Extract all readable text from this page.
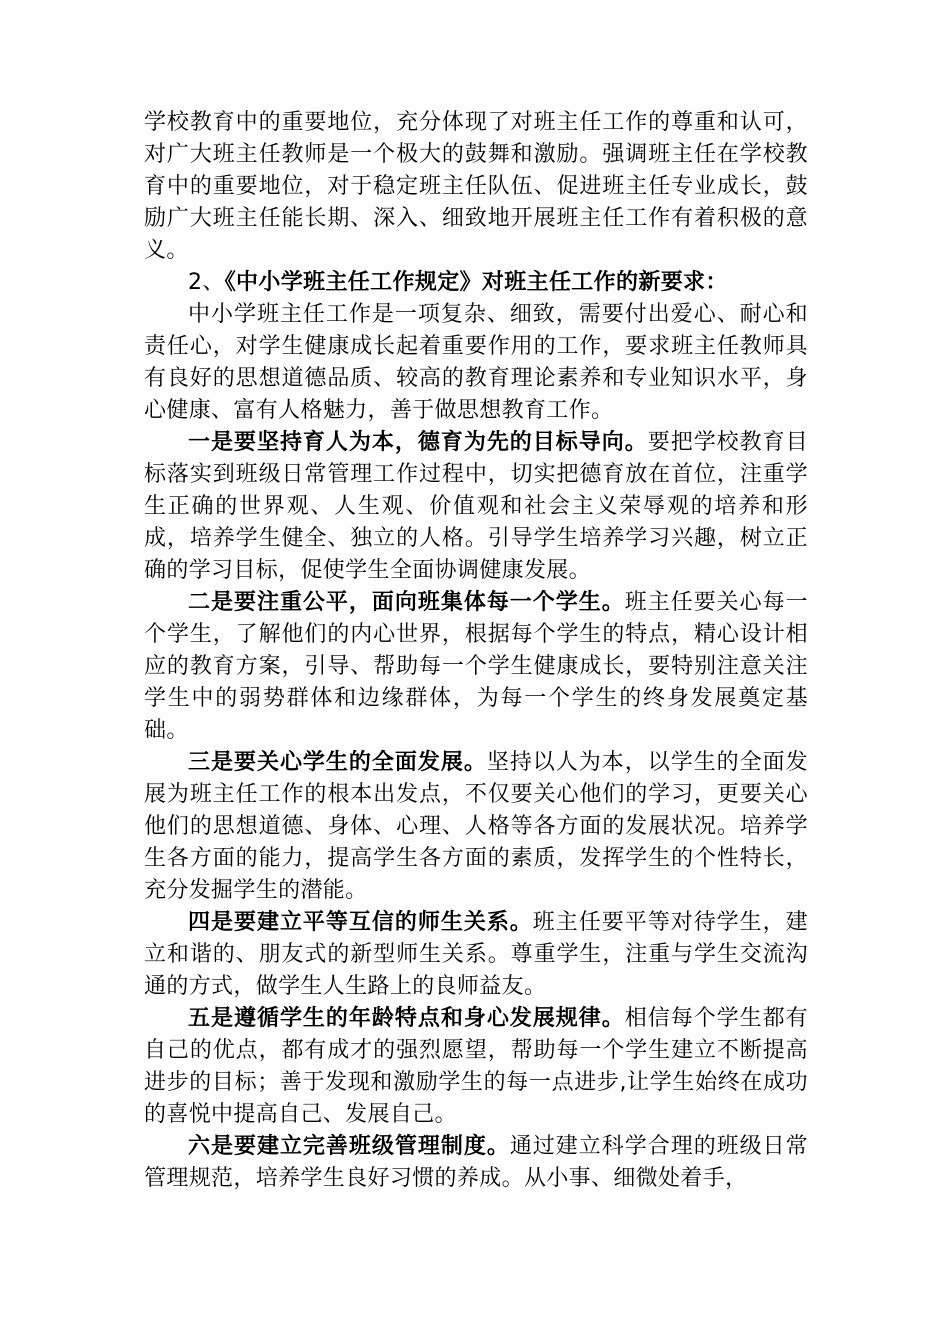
学校教育中的重要地位，充分体现了对班主任工作的尊重和认可，对广大班主任教师是一个极大的鼓舞和激励。强调班主任在学校教育中的重要地位，对于稳定班主任队伍、促进班主任专业成长，鼓励广大班主任能长期、深入、细致地开展班主任工作有着积极的意义。

2、《中小学班主任工作规定》对班主任工作的新要求：

中小学班主任工作是一项复杂、细致，需要付出爱心、耐心和责任心，对学生健康成长起着重要作用的工作，要求班主任教师具有良好的思想道德品质、较高的教育理论素养和专业知识水平，身心健康、富有人格魅力，善于做思想教育工作。

一是要坚持育人为本，德育为先的目标导向。要把学校教育目标落实到班级日常管理工作过程中，切实把德育放在首位，注重学生正确的世界观、人生观、价值观和社会主义荣辱观的培养和形成，培养学生健全、独立的人格。引导学生培养学习兴趣，树立正确的学习目标，促使学生全面协调健康发展。

二是要注重公平，面向班集体每一个学生。班主任要关心每一个学生，了解他们的内心世界，根据每个学生的特点，精心设计相应的教育方案，引导、帮助每一个学生健康成长，要特别注意关注学生中的弱势群体和边缘群体，为每一个学生的终身发展奠定基础。

三是要关心学生的全面发展。坚持以人为本，以学生的全面发展为班主任工作的根本出发点，不仅要关心他们的学习，更要关心他们的思想道德、身体、心理、人格等各方面的发展状况。培养学生各方面的能力，提高学生各方面的素质，发挥学生的个性特长，充分发掘学生的潜能。

四是要建立平等互信的师生关系。班主任要平等对待学生，建立和谐的、朋友式的新型师生关系。尊重学生，注重与学生交流沟通的方式，做学生人生路上的良师益友。

五是遵循学生的年龄特点和身心发展规律。相信每个学生都有自己的优点，都有成才的强烈愿望，帮助每一个学生建立不断提高进步的目标；善于发现和激励学生的每一点进步,让学生始终在成功的喜悦中提高自己、发展自己。

六是要建立完善班级管理制度。通过建立科学合理的班级日常管理规范，培养学生良好习惯的养成。从小事、细微处着手，
